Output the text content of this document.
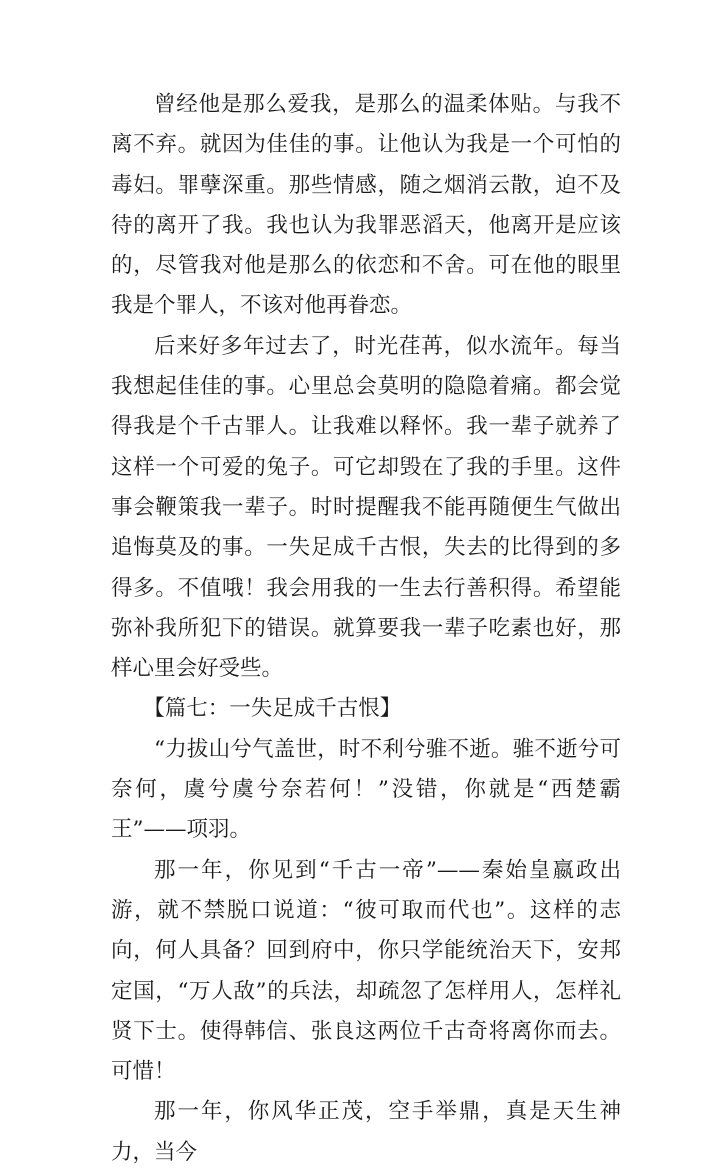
曾经他是那么爱我，是那么的温柔体贴。与我不离不弃。就因为佳佳的事。让他认为我是一个可怕的毒妇。罪孽深重。那些情感，随之烟消云散，迫不及待的离开了我。我也认为我罪恶滔天，他离开是应该的，尽管我对他是那么的依恋和不舍。可在他的眼里我是个罪人，不该对他再眷恋。

后来好多年过去了，时光荏苒，似水流年。每当我想起佳佳的事。心里总会莫明的隐隐着痛。都会觉得我是个千古罪人。让我难以释怀。我一辈子就养了这样一个可爱的兔子。可它却毁在了我的手里。这件事会鞭策我一辈子。时时提醒我不能再随便生气做出追悔莫及的事。一失足成千古恨，失去的比得到的多得多。不值哦！我会用我的一生去行善积得。希望能弥补我所犯下的错误。就算要我一辈子吃素也好，那样心里会好受些。

【篇七：一失足成千古恨】

“力拔山兮气盖世，时不利兮骓不逝。骓不逝兮可奈何，虞兮虞兮奈若何！”没错，你就是“西楚霸王”——项羽。

那一年，你见到“千古一帝”——秦始皇嬴政出游，就不禁脱口说道：“彼可取而代也”。这样的志向，何人具备？回到府中，你只学能统治天下，安邦定国，“万人敌”的兵法，却疏忽了怎样用人，怎样礼贤下士。使得韩信、张良这两位千古奇将离你而去。可惜！

那一年，你风华正茂，空手举鼎，真是天生神力，当今
